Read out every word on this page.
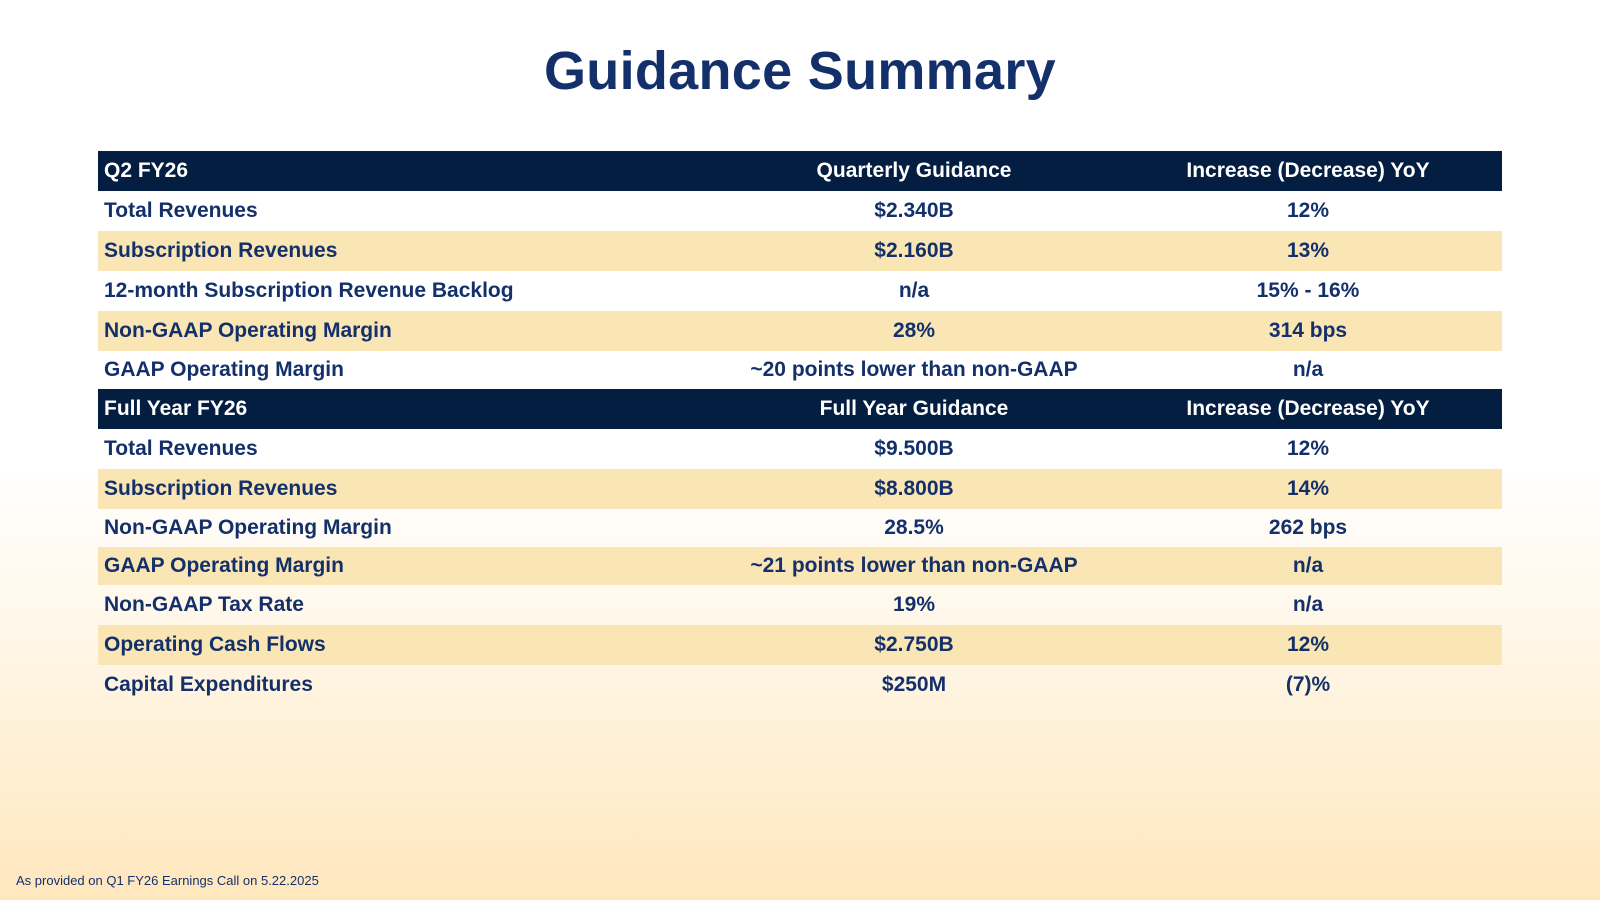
Guidance Summary
Q2 FY26	Quarterly Guidance	Increase (Decrease) YoY
Total Revenues	$2.340B	12%
Subscription Revenues	$2.160B	13%
12-month Subscription Revenue Backlog	n/a	15% - 16%
Non-GAAP Operating Margin	28%	314 bps
GAAP Operating Margin	~20 points lower than non-GAAP	n/a
Full Year FY26	Full Year Guidance	Increase (Decrease) YoY
Total Revenues	$9.500B	12%
Subscription Revenues	$8.800B	14%
Non-GAAP Operating Margin	28.5%	262 bps
GAAP Operating Margin	~21 points lower than non-GAAP	n/a
Non-GAAP Tax Rate	19%	n/a
Operating Cash Flows	$2.750B	12%
Capital Expenditures	$250M	(7)%
As provided on Q1 FY26 Earnings Call on 5.22.2025
